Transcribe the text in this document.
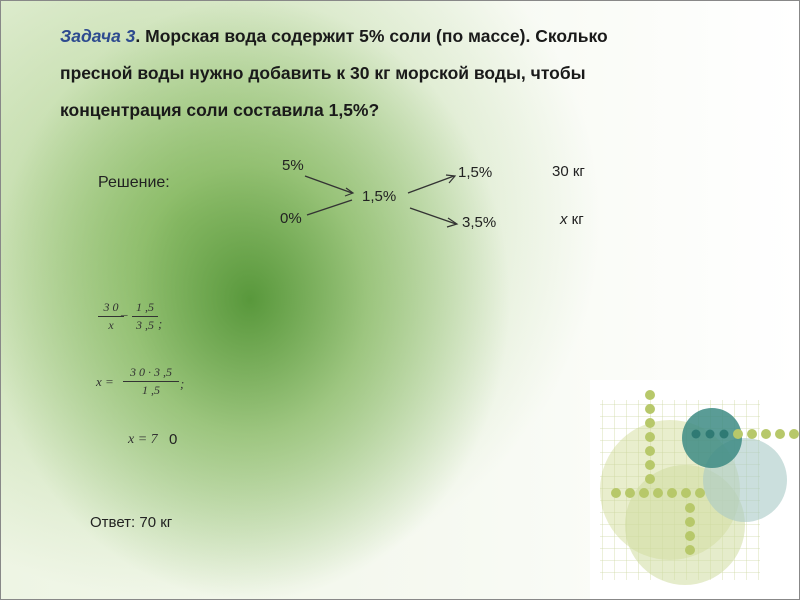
Задача 3. Морская вода содержит 5% соли (по массе). Сколько
пресной воды нужно добавить к 30 кг морской воды, чтобы
концентрация соли составила 1,5%?
Решение:
5%
0%
1,5%
1,5%
3,5%
30 кг
x кг
3 0
x
_ 1 ,5
3 ,5 ;
x =
3 0 · 3 ,5
1 ,5	;
x = 7 0
Ответ: 70 кг
